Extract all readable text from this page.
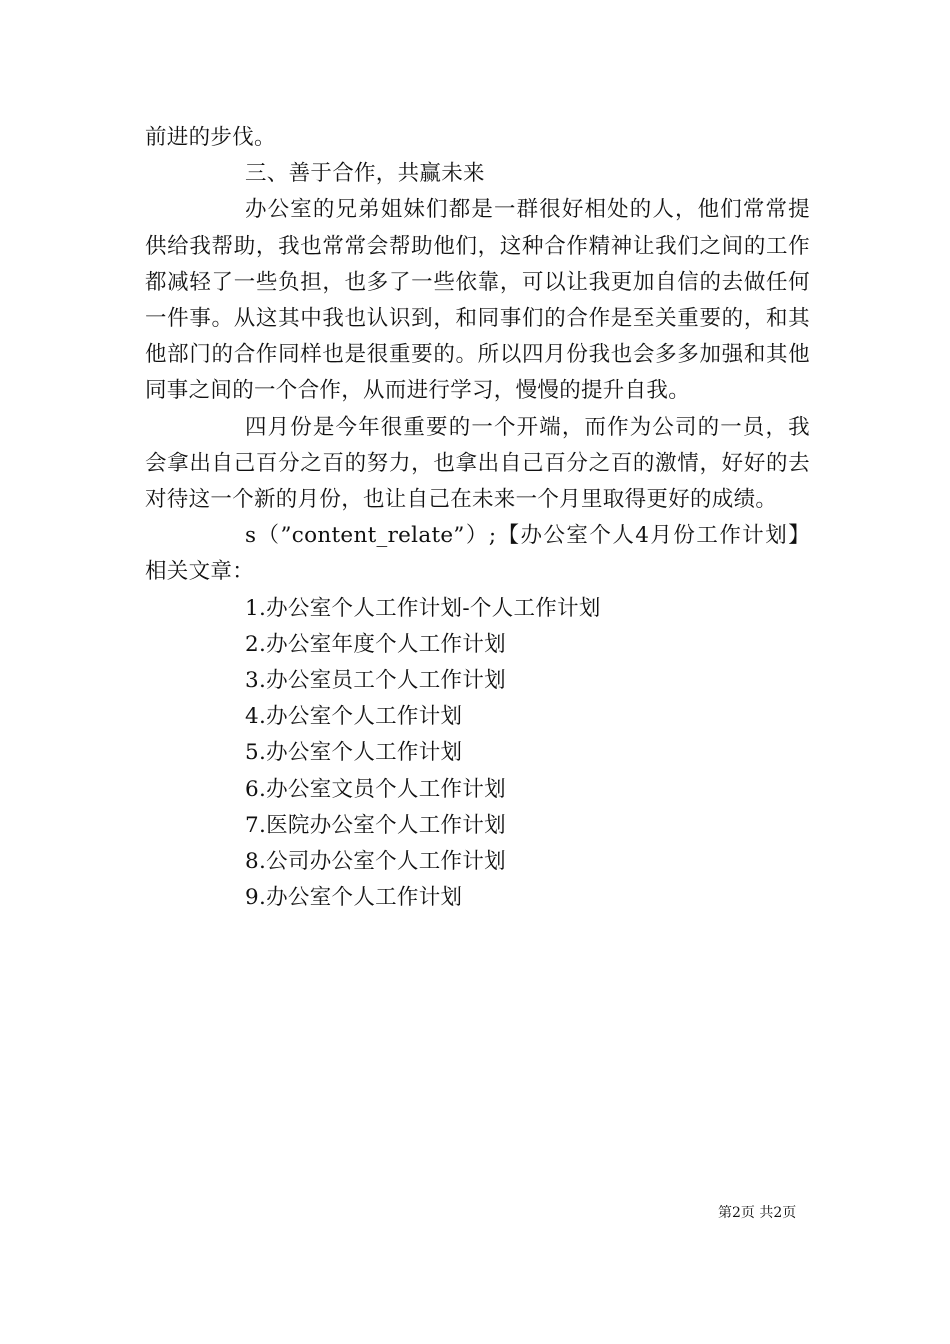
前进的步伐。

三、善于合作，共赢未来

办公室的兄弟姐妹们都是一群很好相处的人，他们常常提供给我帮助，我也常常会帮助他们，这种合作精神让我们之间的工作都减轻了一些负担，也多了一些依靠，可以让我更加自信的去做任何一件事。从这其中我也认识到，和同事们的合作是至关重要的，和其他部门的合作同样也是很重要的。所以四月份我也会多多加强和其他同事之间的一个合作，从而进行学习，慢慢的提升自我。

四月份是今年很重要的一个开端，而作为公司的一员，我会拿出自己百分之百的努力，也拿出自己百分之百的激情，好好的去对待这一个新的月份，也让自己在未来一个月里取得更好的成绩。

s（”content_relate”）;【办公室个人4月份工作计划】相关文章：

1.办公室个人工作计划-个人工作计划
2.办公室年度个人工作计划
3.办公室员工个人工作计划
4.办公室个人工作计划
5.办公室个人工作计划
6.办公室文员个人工作计划
7.医院办公室个人工作计划
8.公司办公室个人工作计划
9.办公室个人工作计划
第2页 共2页
